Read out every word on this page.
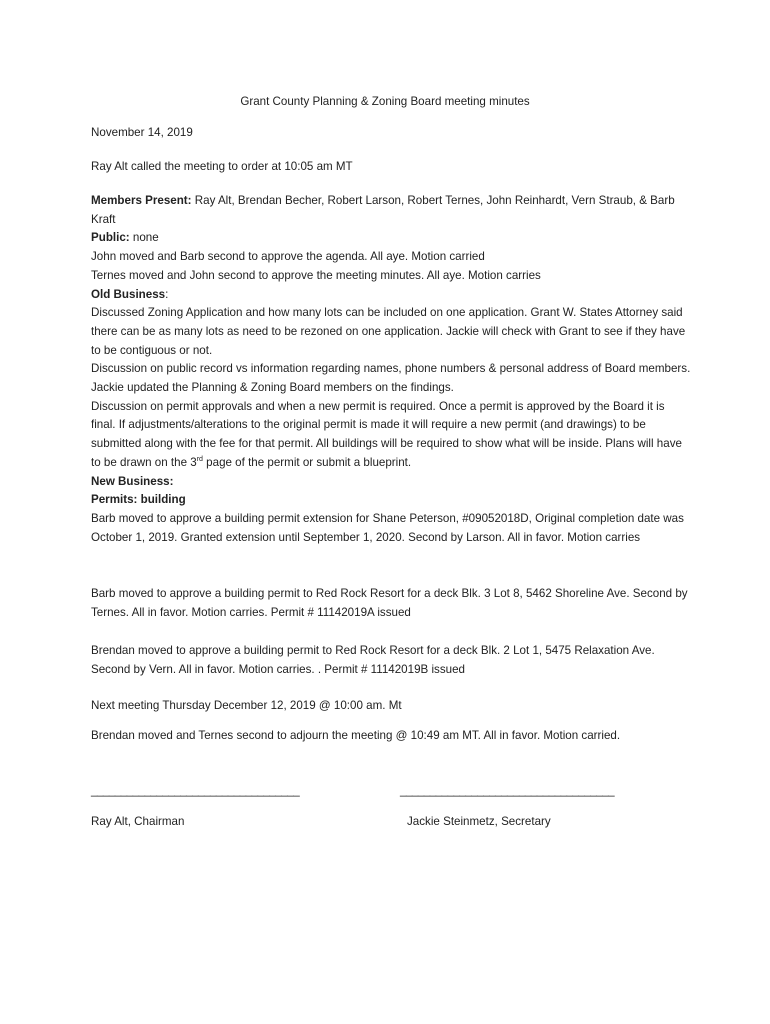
Grant County Planning & Zoning Board meeting minutes
November 14, 2019
Ray Alt called the meeting to order at 10:05 am MT
Members Present: Ray Alt, Brendan Becher, Robert Larson, Robert Ternes, John Reinhardt, Vern Straub, & Barb Kraft
Public: none
John moved and Barb second to approve the agenda. All aye. Motion carried
Ternes moved and John second to approve the meeting minutes. All aye. Motion carries
Old Business:
Discussed Zoning Application and how many lots can be included on one application. Grant W. States Attorney said there can be as many lots as need to be rezoned on one application. Jackie will check with Grant to see if they have to be contiguous or not.
Discussion on public record vs information regarding names, phone numbers & personal address of Board members. Jackie updated the Planning & Zoning Board members on the findings.
Discussion on permit approvals and when a new permit is required. Once a permit is approved by the Board it is final. If adjustments/alterations to the original permit is made it will require a new permit (and drawings) to be submitted along with the fee for that permit. All buildings will be required to show what will be inside. Plans will have to be drawn on the 3rd page of the permit or submit a blueprint.
New Business:
Permits: building
Barb moved to approve a building permit extension for Shane Peterson, #09052018D, Original completion date was October 1, 2019. Granted extension until September 1, 2020. Second by Larson. All in favor. Motion carries
Barb moved to approve a building permit to Red Rock Resort for a deck Blk. 3 Lot 8, 5462 Shoreline Ave. Second by Ternes. All in favor. Motion carries. Permit # 11142019A issued
Brendan moved to approve a building permit to Red Rock Resort for a deck Blk. 2 Lot 1, 5475 Relaxation Ave. Second by Vern. All in favor. Motion carries. . Permit # 11142019B issued
Next meeting Thursday December 12, 2019 @ 10:00 am. Mt
Brendan moved and Ternes second to adjourn the meeting @ 10:49 am MT. All in favor. Motion carried.
___________________________________	____________________________________
Ray Alt, Chairman	Jackie Steinmetz, Secretary
